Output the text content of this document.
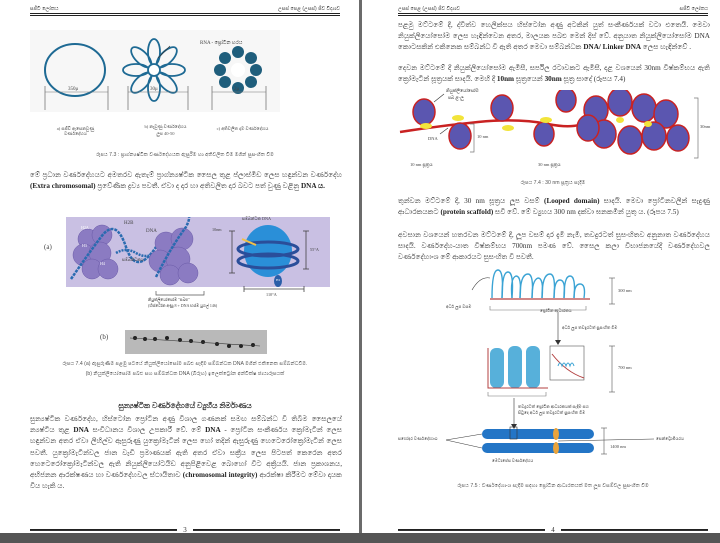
සජීවී ලෝකය	උසස් පෙළ (උසස්) ජීව විද්‍යාව
RNA - ප්‍රෝටීන හරය
350μ	30μ	2μ
a) සජීවී ඇසෙනවුණු වර්ණදේහය
b) නැවුණු වර්ණදේහය
ලූප 40-50
c) අතිවලිත දාම වර්ණදේහය
රූපය 7.3 : ප්‍රාග්න්‍යෂ්ටික වර්ණදේහයක ඇසුරීම හා අතිවලිත වීම මගින් සුසංහිත වීම

මේ ප්‍රධාන වර්ණදේහයට අමතරව ඇතැම් ප්‍රාග්න්‍යෂ්ටික සෛල තුළ ප්ලාස්මිඩ ලෙස හඳුන්වන වර්ණදේහ (Extra chromosomal) ප්‍රවේණික ද්‍රව්‍ය පවතී. ඒවා ද දාර හා අතිවලිත දාර බවට පත් වුණු වළිනු DNA ය.

(a)
H2A
H2B
H3
H4
H1
DNA
සම්බන්ධකය
සම්බන්ධක DNA
10nm
55°A
110°A
නියුක්ලියෝසෝම "පබළු"
(හිස්ටෝන අණු 8 + DNA භස්ම යුගල් 146)
(b)
රූපය 7.4 (a) ඇසුරුණිම පළමු පටයේ නියුක්ලියෝසෝම පබළු සෑදීම සම්බන්ධක DNA මගින් එකිනෙක සම්බන්ධවීම.
(b) නියුක්ලියෝසෝම පබළු සහ සම්බන්ධක DNA (බිරුහ) ඉලෙක්ට්‍රෝන අන්වීක්ෂ ඡායාරූපයක්
සුන්‍යෂ්ටික වර්ණදේහයේ ව්‍යුහීය නිර්මාණය

සුන්‍යෂ්ටික වර්ණදේහ, හිස්ටෝන ප්‍රෝටීන අණු විශාල ගණනක් සමඟ සම්බන්ධ වී තිබීම සෛලයේ න්‍යෂ්ටිය තුළ DNA සංවිධානය විශාල උපකාරී වේ. මේ DNA - ප්‍රෝටීන සංකීර්ණය ක්‍රෝමැටින් ලෙස හඳුන්වන අතර ඒවා ලිහිල්ව ඇසුරුණු යුක්‍රෝමැටින් ලෙස හෝ තදින් ඇසුරුණු හෙටෙරෝක්‍රෝමැටින් ලෙස පවතී. යුක්‍රෝමැටින්වල ජාන වැඩි ප්‍රමාණයක් ඇති අතර ඒවා සක්‍රීය ලෙස පිටපත් කෙරෙන අතර හෙටෙරෝක්‍රෝමැටින්වල ඇති නියුක්ලියෝටයිඩ අනුපිළිවෙළ බොහෝ විට අක්‍රියයි. ජාන ප්‍රකාශනය, අභිජනන ආරක්ෂණය හා වර්ණදේහවල ස්ථායිතාව (chromosomal integrity) ආරක්ෂා කිරීමට මේවා දායක විය හැකි ය.

3
උසස් පෙළ (උසස්) ජීව විද්‍යාව	සජීවී ලෝකය

පළමු මට්ටමේ දී, ද්විත්ව හෙලික්සය හිස්ටෝන අණු අටකින් යුත් සංකීර්ණයක් වටා එතෙයි. මෙවා නියුක්ලියෝසෝම ලෙස හැඳින්වෙන අතර, මාලයක පබළු මෙන් දිස් වේ. අනුයාත නියුක්ලියෝසෝම DNA කොටසකින් එකිනෙක සම්බන්ධ වී ඇති අතර මෙවා සම්බන්ධක DNA/ Linker DNA ලෙස හැඳින්වේ .

දෙවන මට්ටමේ දී නියුක්ලියෝසෝම ඇමිසී, සර්පිල රටාවකට ඇමිසී, දළ වශයෙන් 30nm විෂ්කම්භය ඇති ක්‍රෝමැටින් සූත්‍රයක් සාදයි. මෙහි දී 10nm සූත්‍රයෙන් 30nm සූත්‍ර සාදේ (රූපය 7.4)

නියුක්ලියෝසෝම
පබ ළ-ලු
DNA	10 nm
30nm
10 nm සූත්‍රය	30 nm සූත්‍රය
රූපය 7.4 : 30 nm සූත්‍රය සැදීම

තුන්වන මට්ටමේ දී, 30 nm සූත්‍රය ලූප වසම් (Looped domain) සාදයි. මෙවා ප්‍රෝටීනවලින් සැදුණු ආධාරකයකට (protein scaffold) සවි වේ. මේ ව්‍යුහය 300 nm දක්වා ඝනකමින් යුතු ය. (රූපය 7.5)

අවසාන වශයෙන් හතරවන මට්ටමේ දී, ලූප වසම් දාර දැමී නැමී, තවදුරටත් සුසංහිතව අනුනාත වර්ණදේහය සාදයි. වර්ණදේහ-යාත විෂ්කම්භය 700nm පමණ වේ. සෛල කලා විභාජනයේදී වර්ණදේහවල වර්ණදේහාංශ මේ ආකාරයට සුසංහිත වී පවතී.

300 nm
අර්ධ ලූප වසම
ප්‍රෝටීන ආධාරකය
අර්ධ ලූප තවදුරටත් සුසංහිත වීම
700 nm
තවදුරටත් ප්‍රෝටීන ආධාරකයක් සැදීම සහ
සිටුදෙ අර්ධ ලූප තවදුරටත් සුසංහිත වීම
සහෝදර වර්ණදේහාංශ	සෙන්ට්‍රොමියරය
1400 nm
මෙටාපේස වර්ණදේහය
රූපය 7.5 : වර්ණදේහාංශ සැදීම සඳහා ප්‍රෝටීන ආධාරකයක් මත ලූප වසම්වල සුසංහිත වීම
4
